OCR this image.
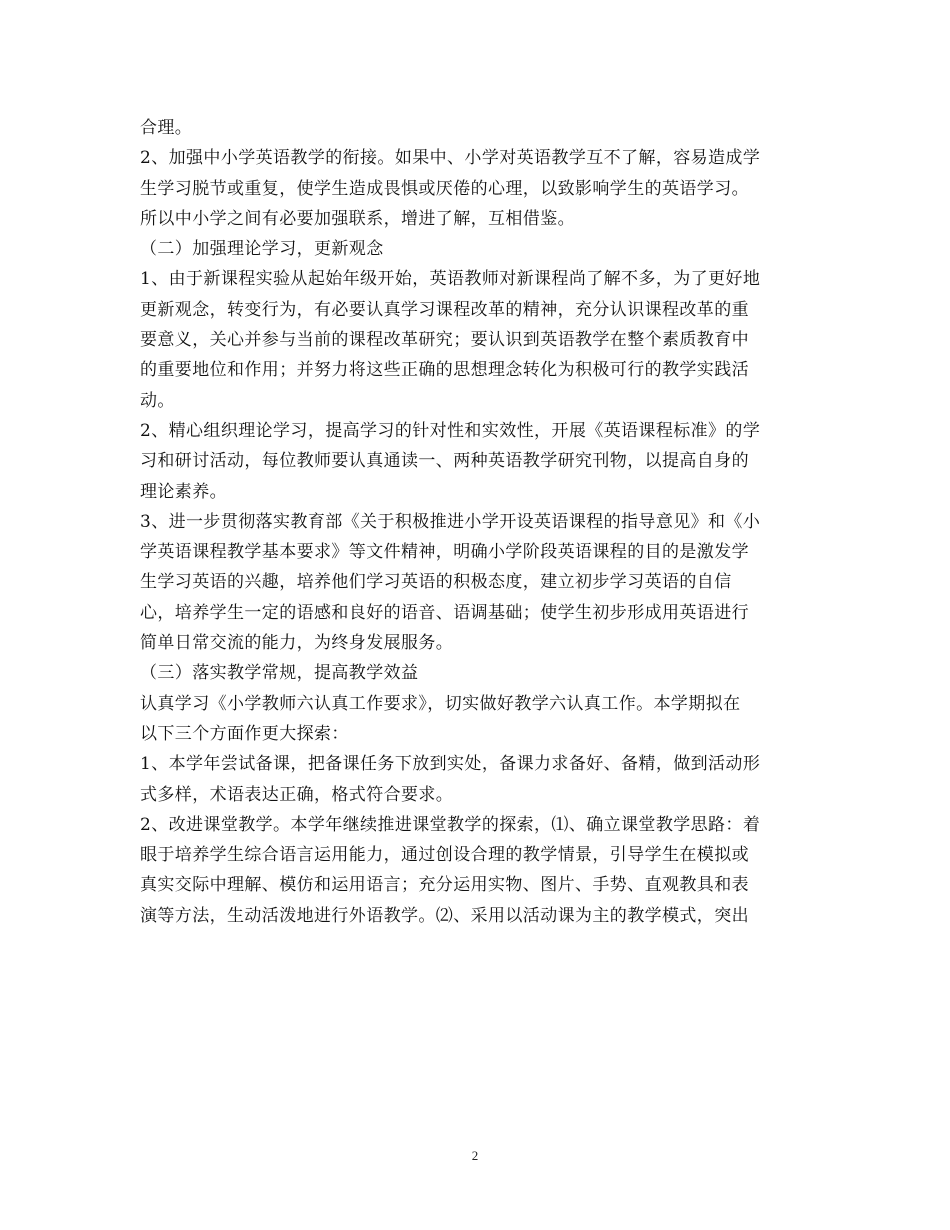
合理。
2、加强中小学英语教学的衔接。如果中、小学对英语教学互不了解，容易造成学
生学习脱节或重复，使学生造成畏惧或厌倦的心理，以致影响学生的英语学习。
所以中小学之间有必要加强联系，增进了解，互相借鉴。
（二）加强理论学习，更新观念
1、由于新课程实验从起始年级开始，英语教师对新课程尚了解不多，为了更好地
更新观念，转变行为，有必要认真学习课程改革的精神，充分认识课程改革的重
要意义，关心并参与当前的课程改革研究；要认识到英语教学在整个素质教育中
的重要地位和作用；并努力将这些正确的思想理念转化为积极可行的教学实践活
动。
2、精心组织理论学习，提高学习的针对性和实效性，开展《英语课程标准》的学
习和研讨活动，每位教师要认真通读一、两种英语教学研究刊物，以提高自身的
理论素养。
3、进一步贯彻落实教育部《关于积极推进小学开设英语课程的指导意见》和《小
学英语课程教学基本要求》等文件精神，明确小学阶段英语课程的目的是激发学
生学习英语的兴趣，培养他们学习英语的积极态度，建立初步学习英语的自信
心，培养学生一定的语感和良好的语音、语调基础；使学生初步形成用英语进行
简单日常交流的能力，为终身发展服务。
（三）落实教学常规，提高教学效益
认真学习《小学教师六认真工作要求》，切实做好教学六认真工作。本学期拟在
以下三个方面作更大探索：
1、本学年尝试备课，把备课任务下放到实处，备课力求备好、备精，做到活动形
式多样，术语表达正确，格式符合要求。
2、改进课堂教学。本学年继续推进课堂教学的探索，⑴、确立课堂教学思路：着
眼于培养学生综合语言运用能力，通过创设合理的教学情景，引导学生在模拟或
真实交际中理解、模仿和运用语言；充分运用实物、图片、手势、直观教具和表
演等方法，生动活泼地进行外语教学。⑵、采用以活动课为主的教学模式，突出
2
